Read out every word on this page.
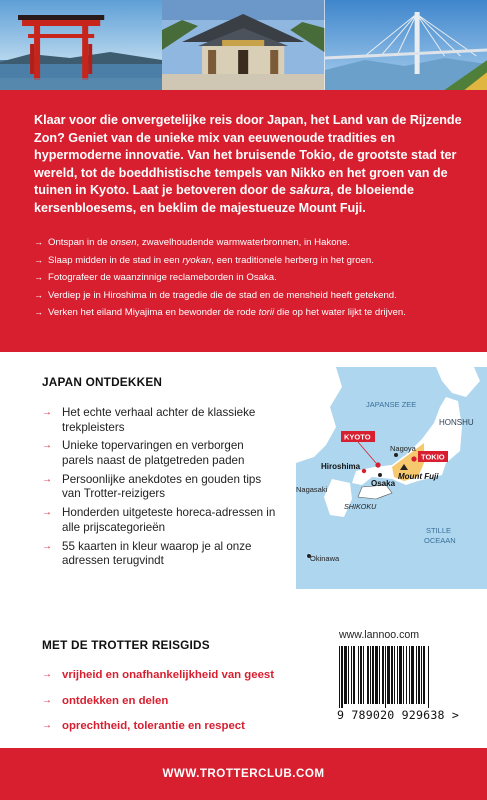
Klaar voor die onvergetelijke reis door Japan, het Land van de Rijzende Zon? Geniet van de unieke mix van eeuwenoude tradities en hypermoderne innovatie. Van het bruisende Tokio, de grootste stad ter wereld, tot de boeddhistische tempels van Nikko en het groen van de tuinen in Kyoto. Laat je betoveren door de sakura, de bloeiende kersenbloesems, en beklim de majestueuze Mount Fuji.

→ Ontspan in de onsen, zwavelhoudende warmwaterbronnen, in Hakone.
→ Slaap midden in de stad in een ryokan, een traditionele herberg in het groen.
→ Fotografeer de waanzinnige reclameborden in Osaka.
→ Verdiep je in Hiroshima in de tragedie die de stad en de mensheid heeft getekend.
→ Verken het eiland Miyajima en bewonder de rode torii die op het water lijkt te drijven.
JAPAN ONTDEKKEN
→ Het echte verhaal achter de klassieke trekpleisters
→ Unieke topervaringen en verborgen parels naast de platgetreden paden
→ Persoonlijke anekdotes en gouden tips van Trotter-reizigers
→ Honderden uitgeteste horeca-adressen in alle prijscategorieën
→ 55 kaarten in kleur waarop je al onze adressen terugvindt
JAPANSE ZEE
HONSHU
KYOTO
TOKIO
Nagoya
Hiroshima
Osaka
Mount Fuji
Nagasaki
SHIKOKU
STILLE
OCEAAN
Okinawa
MET DE TROTTER REISGIDS
→ vrijheid en onafhankelijkheid van geest
→ ontdekken en delen
→ oprechtheid, tolerantie en respect
www.lannoo.com
9 789020 929638 >
WWW.TROTTERCLUB.COM
